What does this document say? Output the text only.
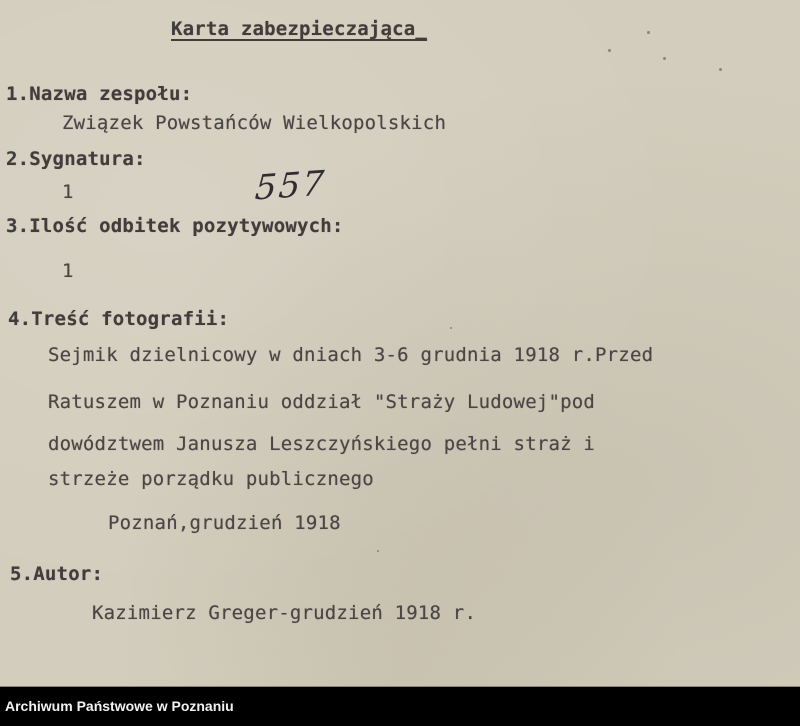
Karta zabezpieczająca _
1.Nazwa zespołu:
Związek Powstańców Wielkopolskich
2.Sygnatura:
1	557
3.Ilość odbitek pozytywowych:
1
4.Treść fotografii:
Sejmik dzielnicowy w dniach 3-6 grudnia 1918 r.Przed
Ratuszem w Poznaniu oddział "Straży Ludowej"pod
dowództwem Janusza Leszczyńskiego pełni straż i
strzeże porządku publicznego
Poznań,grudzień 1918
5.Autor:
Kazimierz Greger-grudzień 1918 r.
Archiwum Państwowe w Poznaniu
